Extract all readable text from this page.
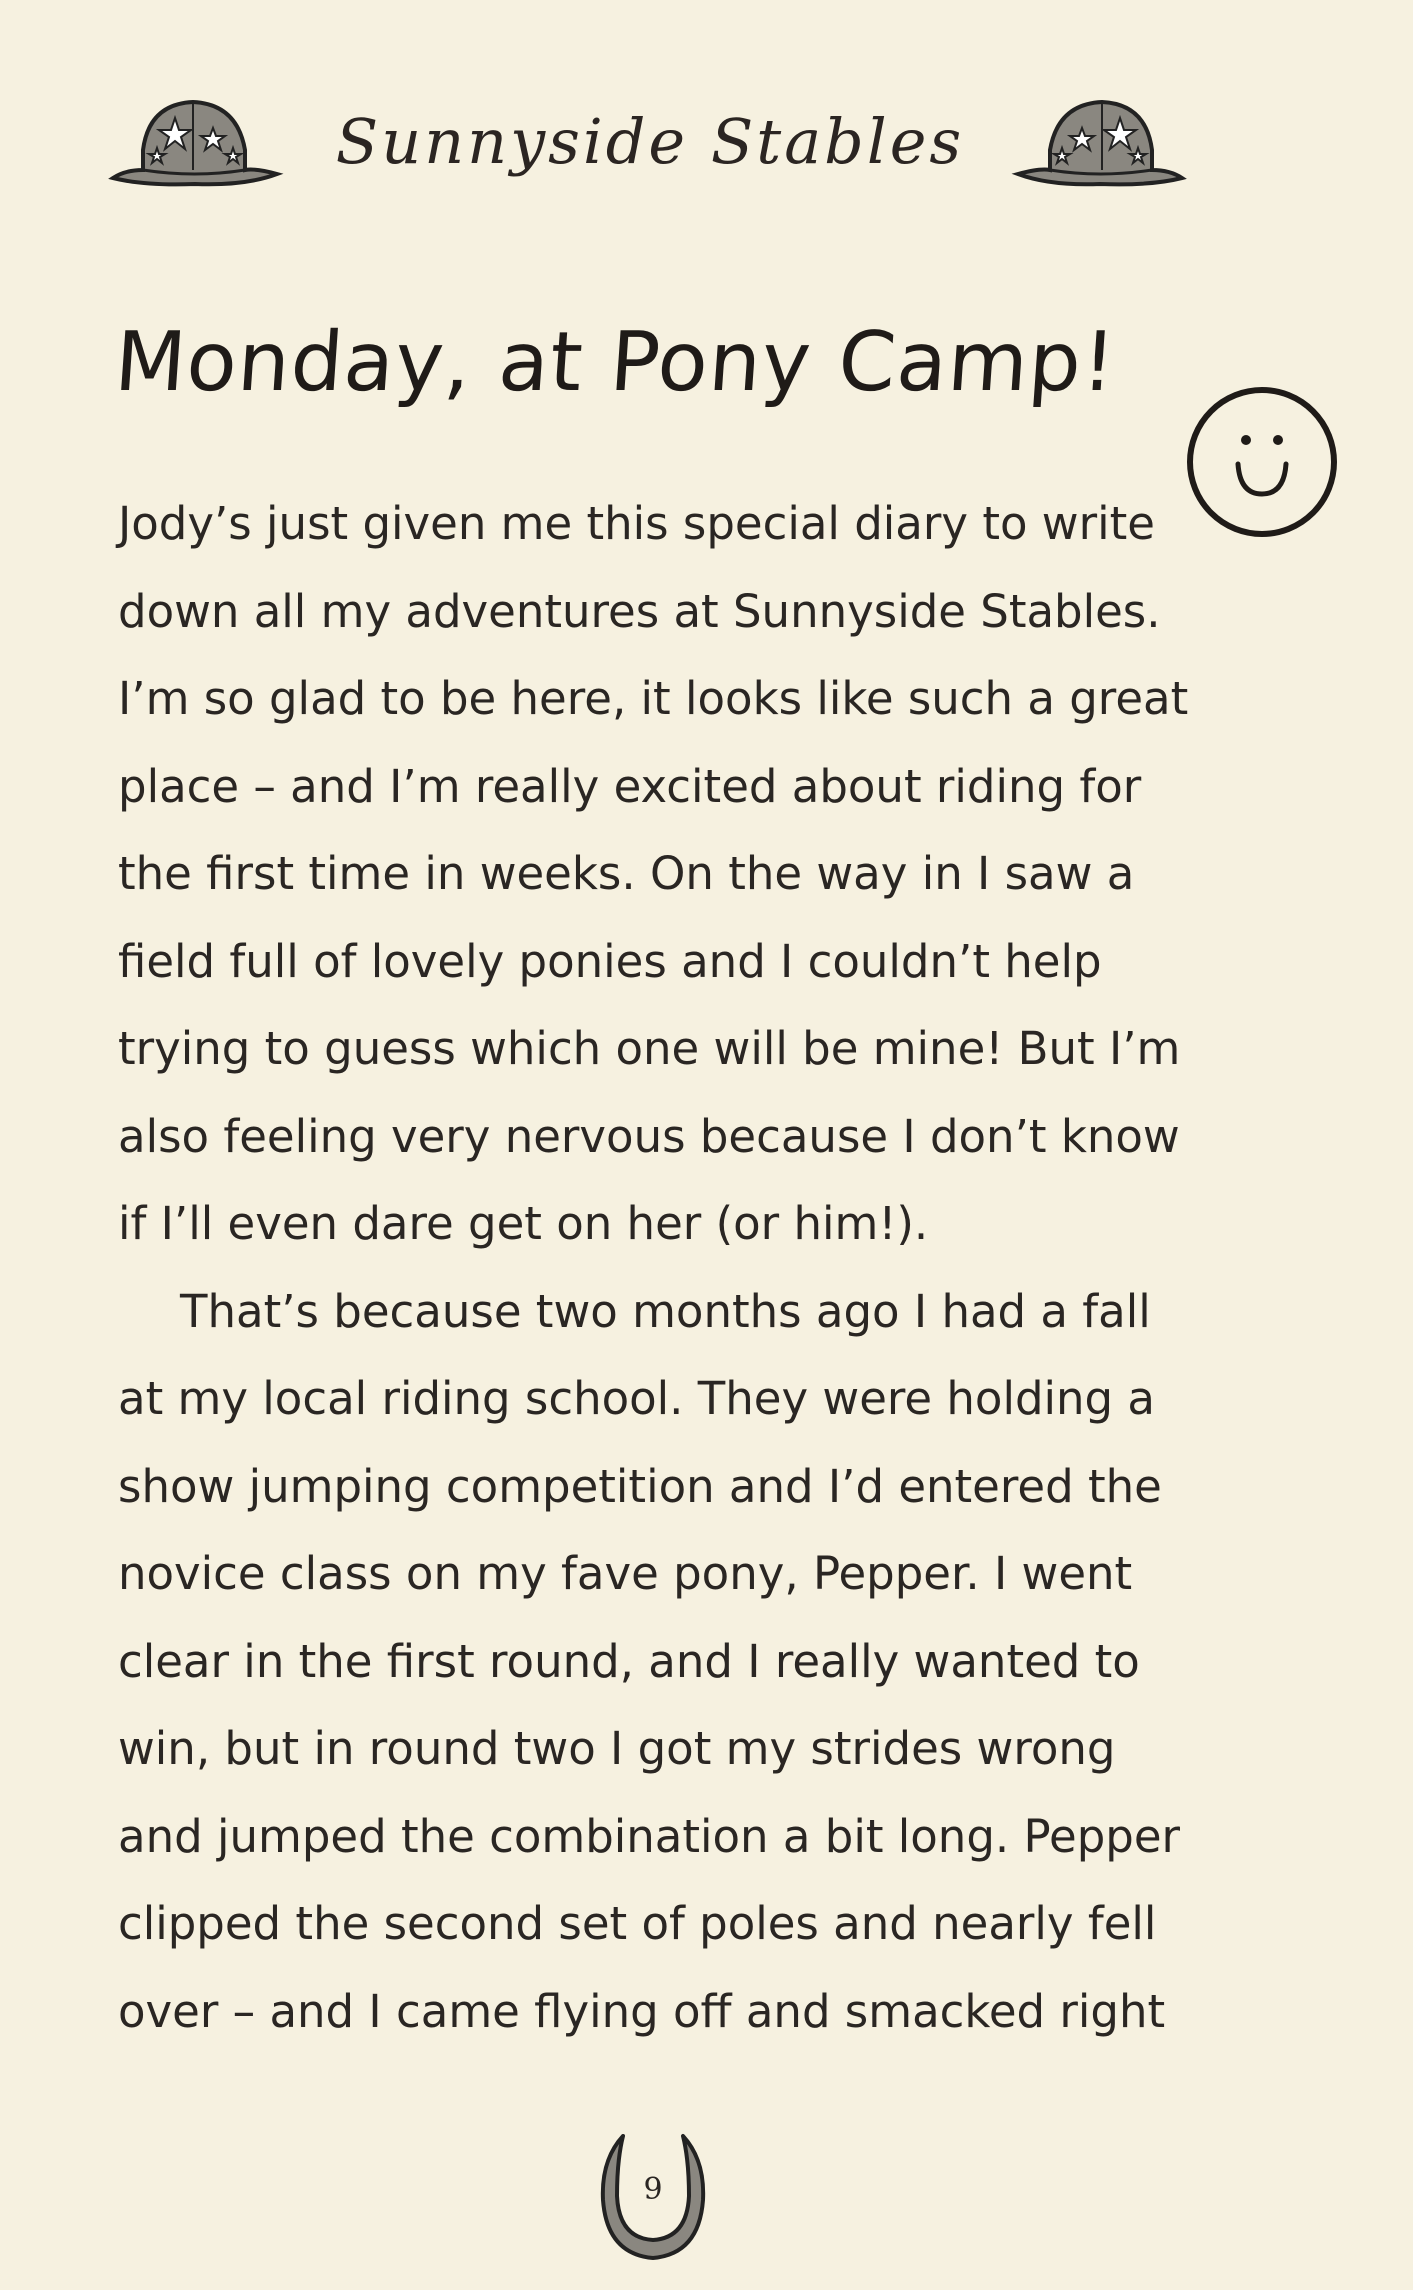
Sunnyside Stables
Monday, at Pony Camp!
Jody’s just given me this special diary to write
down all my adventures at Sunnyside Stables.
I’m so glad to be here, it looks like such a great
place – and I’m really excited about riding for
the first time in weeks. On the way in I saw a
field full of lovely ponies and I couldn’t help
trying to guess which one will be mine! But I’m
also feeling very nervous because I don’t know
if I’ll even dare get on her (or him!).
That’s because two months ago I had a fall
at my local riding school. They were holding a
show jumping competition and I’d entered the
novice class on my fave pony, Pepper. I went
clear in the first round, and I really wanted to
win, but in round two I got my strides wrong
and jumped the combination a bit long. Pepper
clipped the second set of poles and nearly fell
over – and I came flying off and smacked right
9
